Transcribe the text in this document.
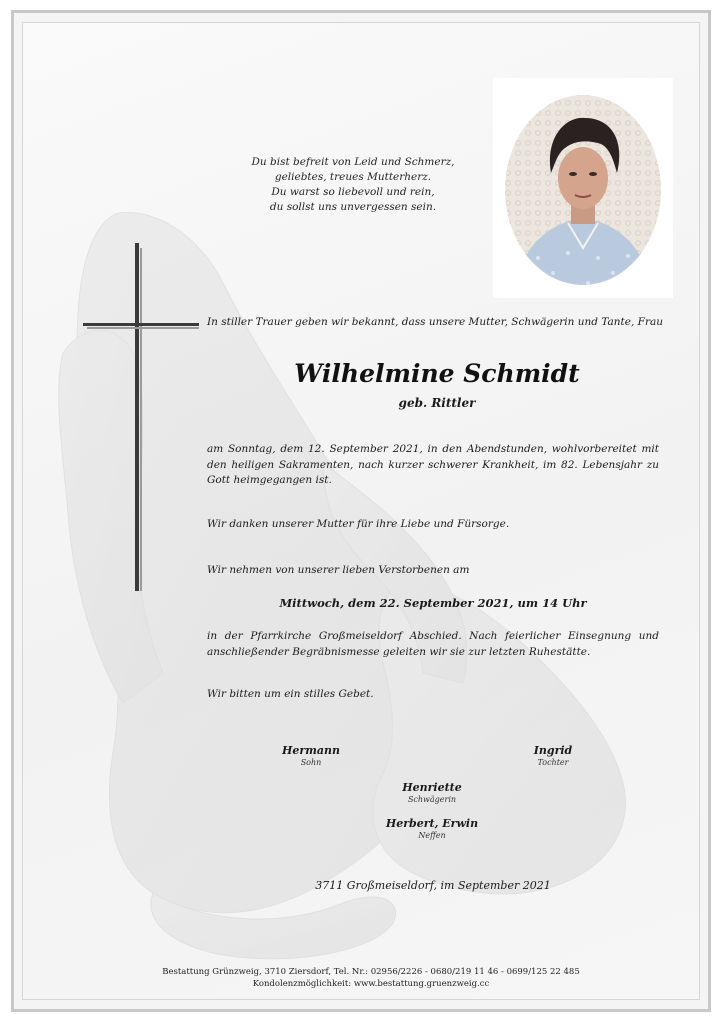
Du bist befreit von Leid und Schmerz,
geliebtes, treues Mutterherz.
Du warst so liebevoll und rein,
du sollst uns unvergessen sein.
In stiller Trauer geben wir bekannt, dass unsere Mutter, Schwägerin und Tante, Frau
Wilhelmine Schmidt
geb. Rittler
am Sonntag, dem 12. September 2021, in den Abendstunden, wohlvorbereitet mit den heiligen Sakramenten, nach kurzer schwerer Krankheit, im 82. Lebensjahr zu Gott heimgegangen ist.
Wir danken unserer Mutter für ihre Liebe und Fürsorge.
Wir nehmen von unserer lieben Verstorbenen am
Mittwoch, dem 22. September 2021, um 14 Uhr
in der Pfarrkirche Großmeiseldorf Abschied. Nach feierlicher Einsegnung und anschließender Begräbnismesse geleiten wir sie zur letzten Ruhestätte.
Wir bitten um ein stilles Gebet.
Hermann
Sohn
Ingrid
Tochter
Henriette
Schwägerin
Herbert, Erwin
Neffen
3711 Großmeiseldorf, im September 2021
Bestattung Grünzweig, 3710 Ziersdorf, Tel. Nr.: 02956/2226 - 0680/219 11 46 - 0699/125 22 485
Kondolenzmöglichkeit: www.bestattung.gruenzweig.cc
